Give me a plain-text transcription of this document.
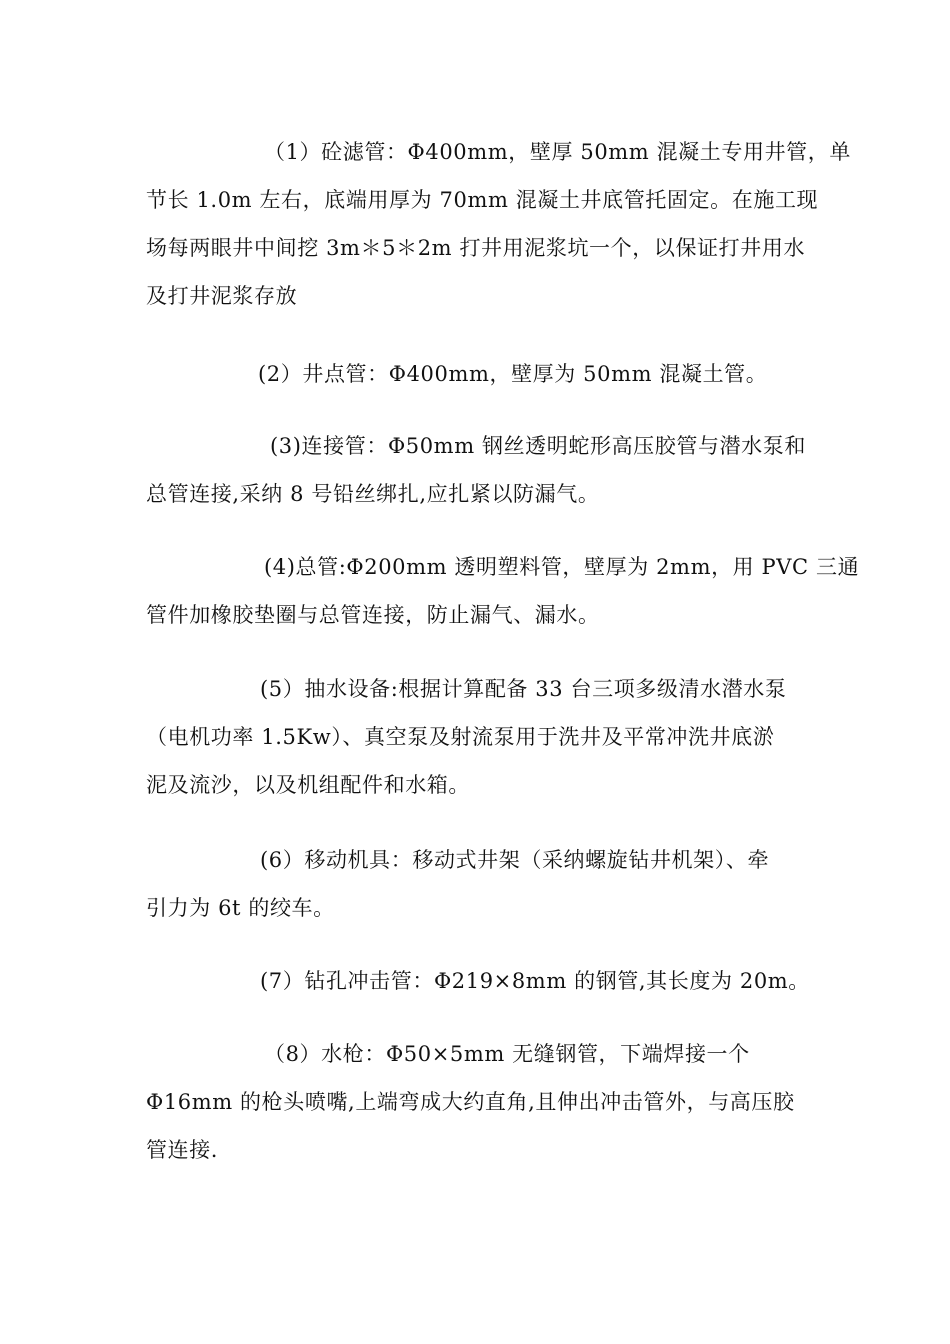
（1）砼滤管：Φ400mm，壁厚 50mm 混凝土专用井管，单
节长 1.0m 左右，底端用厚为 70mm 混凝土井底管托固定。在施工现
场每两眼井中间挖 3m＊5＊2m 打井用泥浆坑一个，以保证打井用水
及打井泥浆存放
(2）井点管：Φ400mm，壁厚为 50mm 混凝土管。
(3)连接管：Φ50mm 钢丝透明蛇形高压胶管与潜水泵和
总管连接,采纳 8 号铅丝绑扎,应扎紧以防漏气。
(4)总管:Φ200mm 透明塑料管，壁厚为 2mm，用 PVC 三通
管件加橡胶垫圈与总管连接，防止漏气、漏水。
(5）抽水设备:根据计算配备 33 台三项多级清水潜水泵
（电机功率 1.5Kw）、真空泵及射流泵用于洗井及平常冲洗井底淤
泥及流沙，以及机组配件和水箱。
(6）移动机具：移动式井架（采纳螺旋钻井机架）、牵
引力为 6t 的绞车。
(7）钻孔冲击管：Φ219×8mm 的钢管,其长度为 20m。
（8）水枪：Φ50×5mm 无缝钢管，下端焊接一个
Φ16mm 的枪头喷嘴,上端弯成大约直角,且伸出冲击管外，与高压胶
管连接.
